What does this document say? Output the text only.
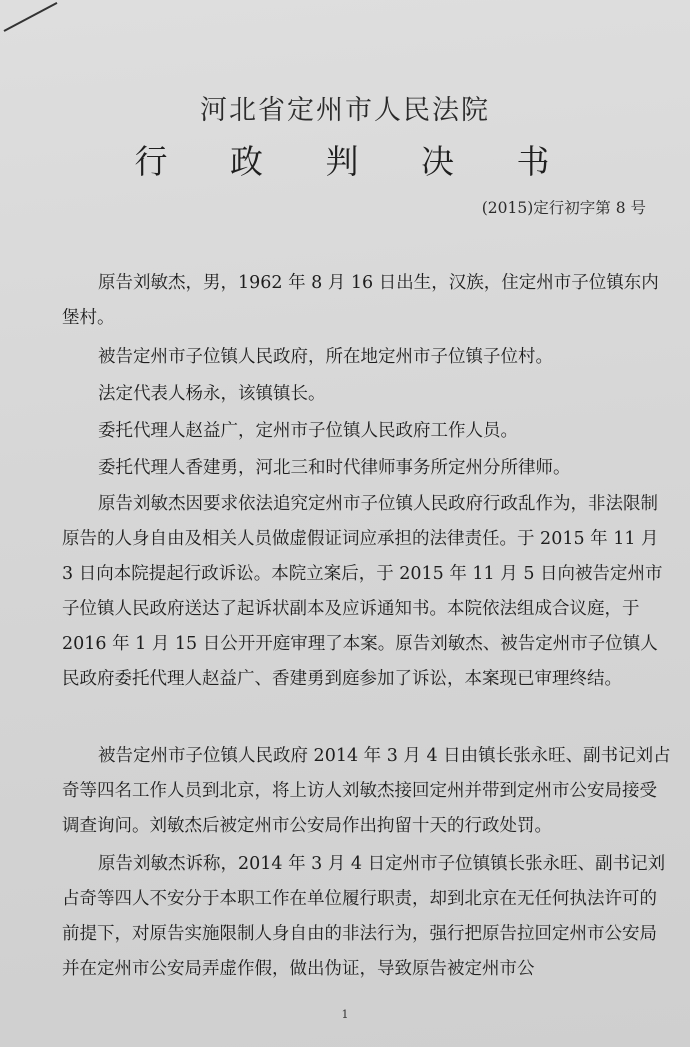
河北省定州市人民法院
行 政 判 决 书
(2015)定行初字第 8 号

原告刘敏杰，男，1962 年 8 月 16 日出生，汉族，住定州市子位镇东内堡村。

被告定州市子位镇人民政府，所在地定州市子位镇子位村。

法定代表人杨永，该镇镇长。

委托代理人赵益广，定州市子位镇人民政府工作人员。

委托代理人香建勇，河北三和时代律师事务所定州分所律师。

原告刘敏杰因要求依法追究定州市子位镇人民政府行政乱作为，非法限制原告的人身自由及相关人员做虚假证词应承担的法律责任。于 2015 年 11 月 3 日向本院提起行政诉讼。本院立案后，于 2015 年 11 月 5 日向被告定州市子位镇人民政府送达了起诉状副本及应诉通知书。本院依法组成合议庭，于 2016 年 1 月 15 日公开开庭审理了本案。原告刘敏杰、被告定州市子位镇人民政府委托代理人赵益广、香建勇到庭参加了诉讼，本案现已审理终结。

被告定州市子位镇人民政府 2014 年 3 月 4 日由镇长张永旺、副书记刘占奇等四名工作人员到北京，将上访人刘敏杰接回定州并带到定州市公安局接受调查询问。刘敏杰后被定州市公安局作出拘留十天的行政处罚。

原告刘敏杰诉称，2014 年 3 月 4 日定州市子位镇镇长张永旺、副书记刘占奇等四人不安分于本职工作在单位履行职责，却到北京在无任何执法许可的前提下，对原告实施限制人身自由的非法行为，强行把原告拉回定州市公安局并在定州市公安局弄虚作假，做出伪证，导致原告被定州市公

1
